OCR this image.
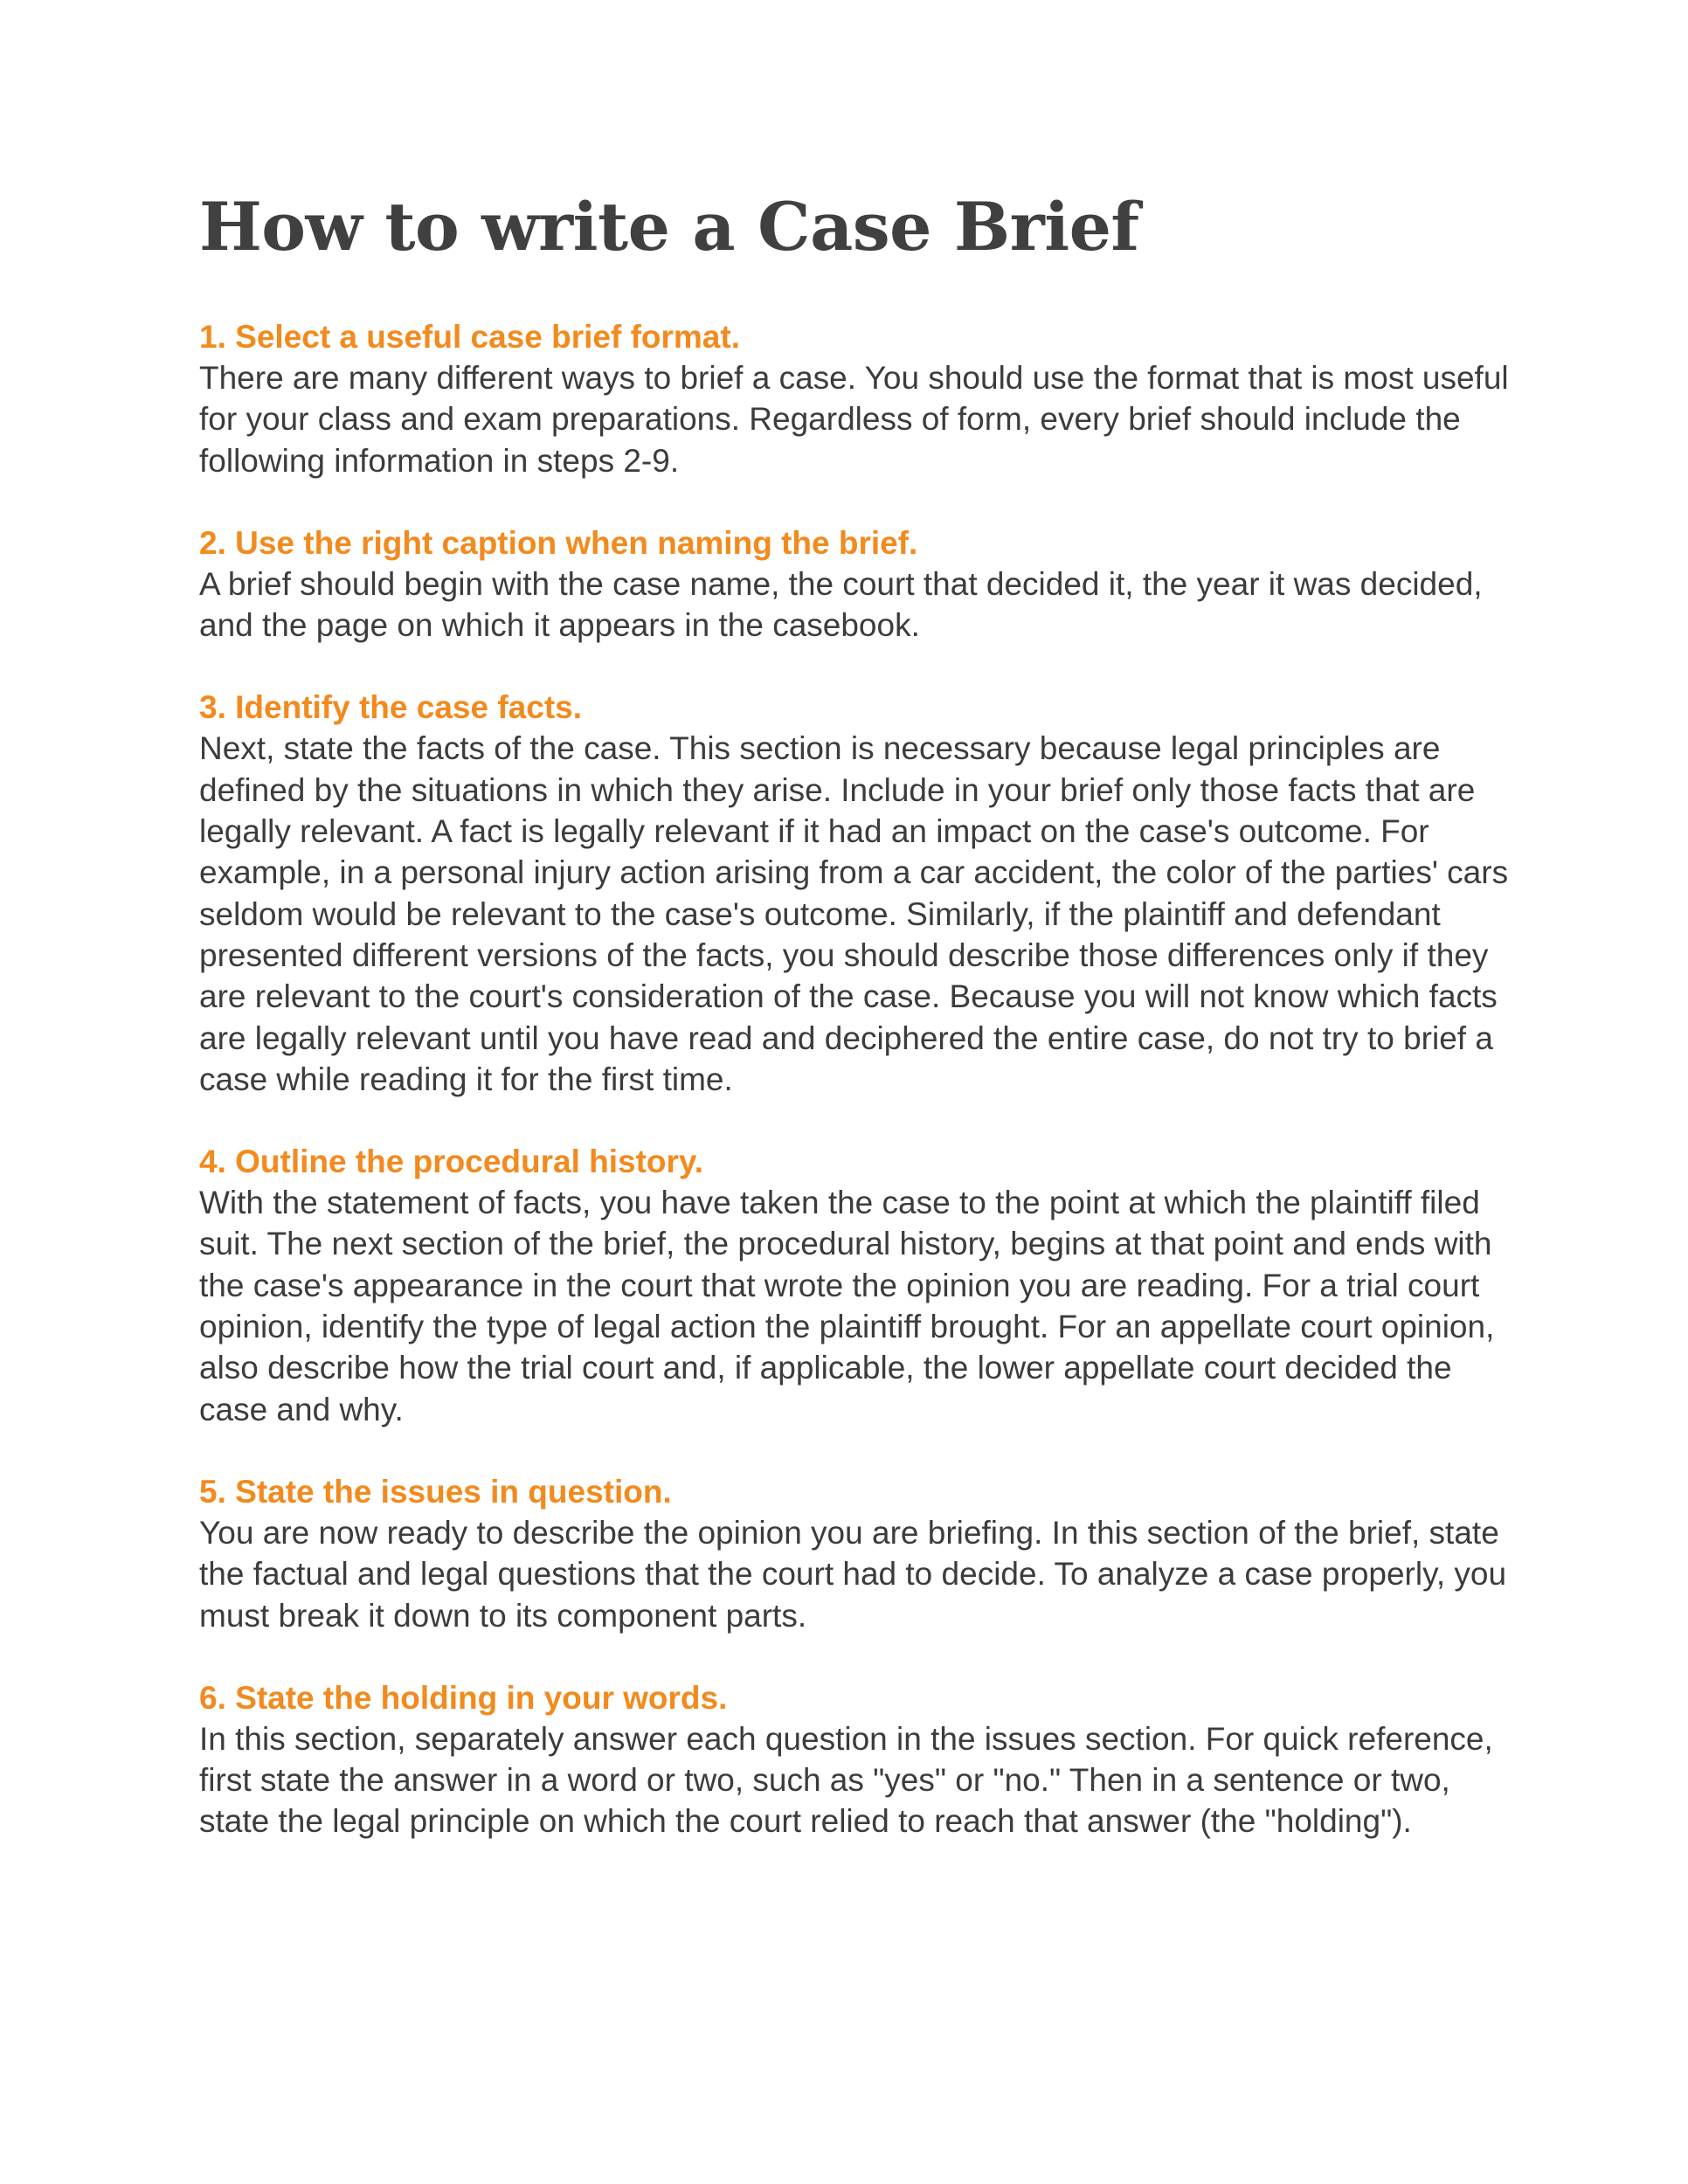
How to write a Case Brief

1. Select a useful case brief format.

There are many different ways to brief a case. You should use the format that is most useful for your class and exam preparations. Regardless of form, every brief should include the following information in steps 2-9.

2. Use the right caption when naming the brief.

A brief should begin with the case name, the court that decided it, the year it was decided, and the page on which it appears in the casebook.

3. Identify the case facts.

Next, state the facts of the case. This section is necessary because legal principles are defined by the situations in which they arise. Include in your brief only those facts that are legally relevant. A fact is legally relevant if it had an impact on the case's outcome. For example, in a personal injury action arising from a car accident, the color of the parties' cars seldom would be relevant to the case's outcome. Similarly, if the plaintiff and defendant presented different versions of the facts, you should describe those differences only if they are relevant to the court's consideration of the case. Because you will not know which facts are legally relevant until you have read and deciphered the entire case, do not try to brief a case while reading it for the first time.

4. Outline the procedural history.

With the statement of facts, you have taken the case to the point at which the plaintiff filed suit. The next section of the brief, the procedural history, begins at that point and ends with the case's appearance in the court that wrote the opinion you are reading. For a trial court opinion, identify the type of legal action the plaintiff brought. For an appellate court opinion, also describe how the trial court and, if applicable, the lower appellate court decided the case and why.

5. State the issues in question.

You are now ready to describe the opinion you are briefing. In this section of the brief, state the factual and legal questions that the court had to decide. To analyze a case properly, you must break it down to its component parts.

6. State the holding in your words.

In this section, separately answer each question in the issues section. For quick reference, first state the answer in a word or two, such as "yes" or "no." Then in a sentence or two, state the legal principle on which the court relied to reach that answer (the "holding").
